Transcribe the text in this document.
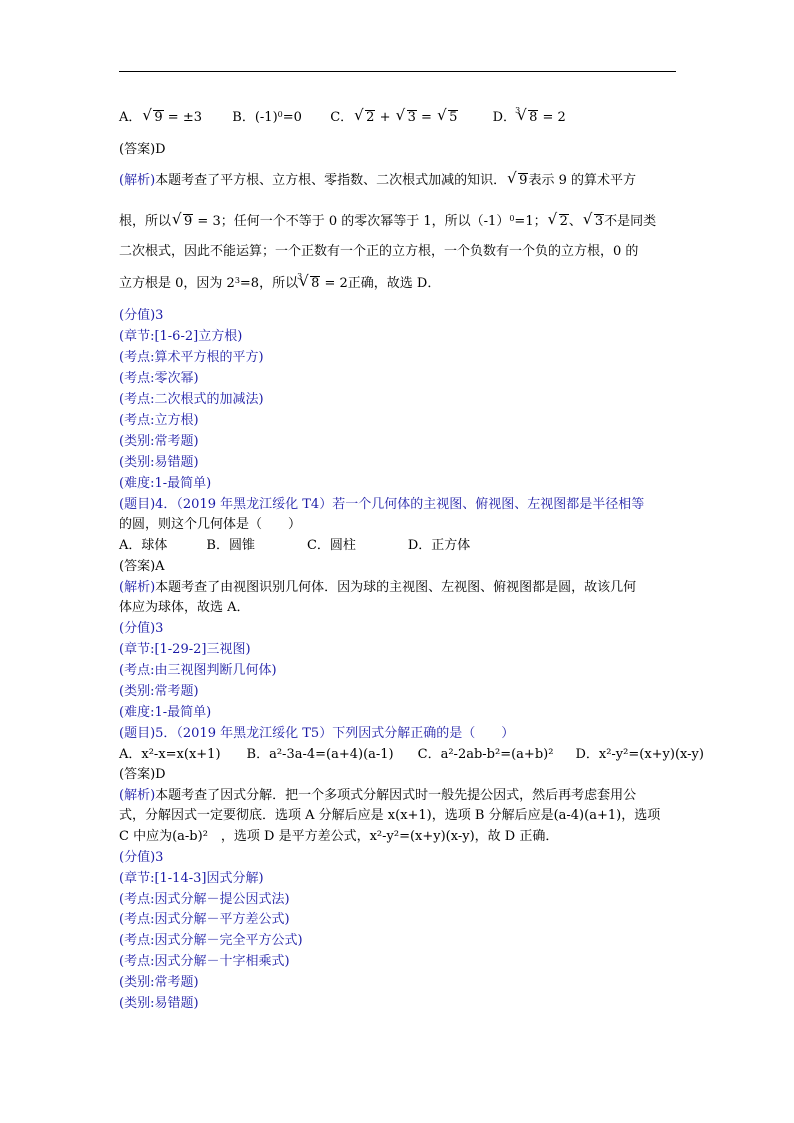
A． √ 9 = ±3 B．$(-1)^0=0$ C． √ 2 + √ 3 = √ 5	D． √ 3 8 = 2
(答案)D
(解析)本题考查了平方根、立方根、零指数、二次根式加减的知识． √ 9表示 9 的算术平方
根，所以 √ 9 = 3；任何一个不等于 0 的零次幂等于 1，所以$(-1)^0=1$； √ 2、 √ 3不是同类
二次根式，因此不能运算；一个正数有一个正的立方根，一个负数有一个负的立方根，0 的
立方根是 0，因为 $2^3=8$，所以 √ 3 8 = 2正确，故选 D．
(分值)3
(章节:[1-6-2]立方根)
(考点:算术平方根的平方)
(考点:零次幂)
(考点:二次根式的加减法)
(考点:立方根)
(类别:常考题)
(类别:易错题)
(难度:1-最简单)
(题目)4．（2019 年黑龙江绥化 T4）若一个几何体的主视图、俯视图、左视图都是半径相等
的圆，则这个几何体是（　　）
A．球体　　　B．圆锥　　　　C．圆柱　　　　D．正方体
(答案)A
(解析)本题考查了由视图识别几何体．因为球的主视图、左视图、俯视图都是圆，故该几何
体应为球体，故选 A．
(分值)3
(章节:[1-29-2]三视图)
(考点:由三视图判断几何体)
(类别:常考题)
(难度:1-最简单)
(题目)5．（2019 年黑龙江绥化 T5）下列因式分解正确的是（　　）
A．x²-x=x(x+1) B．a²-3a-4=(a+4)(a-1) C．a²-2ab-b²=(a+b)² D．x²-y²=(x+y)(x-y)
(答案)D
(解析)本题考查了因式分解．把一个多项式分解因式时一般先提公因式，然后再考虑套用公
式，分解因式一定要彻底．选项 A 分解后应是 x(x+1)，选项 B 分解后应是(a-4)(a+1)，选项
C 中应为(a-b)²　，选项 D 是平方差公式，x²-y²=(x+y)(x-y)，故 D 正确．
(分值)3
(章节:[1-14-3]因式分解)
(考点:因式分解－提公因式法)
(考点:因式分解－平方差公式)
(考点:因式分解－完全平方公式)
(考点:因式分解－十字相乘式)
(类别:常考题)
(类别:易错题)
